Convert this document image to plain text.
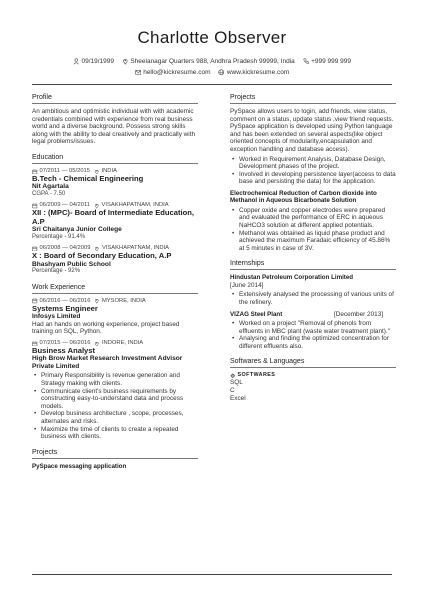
Charlotte Observer
09/19/1999
	Sheelanagar Quarters 988, Andhra Pradesh 99999, India
	+999 999 999
hello@kickresume.com
	www.kickresume.com
Profile
An ambitious and optimistic individual with with academic credentials combined with experience from real business world and a diverse background. Possess strong skills along with the ability to deal creatively and practically with legal problems/issues.
Education
07/2011 — 05/2015 INDIA
B.Tech - Chemical Engineering
Nit Agartala
CGPA - 7.50
06/2009 — 04/2011 VISAKHAPATNAM, INDIA
XII : (MPC)- Board of Intermediate Education, A.P
Sri Chaitanya Junior College
Percentage - 91.4%
06/2008 — 04/2009 VISAKHAPATNAM, INDIA
X : Board of Secondary Education, A.P
Bhashyam Public School
Percentage - 92%
Work Experience
06/2016 — 06/2016 MYSORE, INDIA
Systems Engineer
Infosys Limited
Had an hands on working experience, project based training on SQL, Python.
07/2015 — 06/2016 INDORE, INDIA
Business Analyst
High Brow Market Research Investment Advisor Private Limited
• Primary Responsibility is revenue generation and Strategy making with clients.
• Communicate client's business requirements by constructing easy-to-understand data and process models.
• Develop business architecture , scope, processes, alternates and risks.
• Maximize the time of clients to create a repeated business with clients.
Projects
PySpace messaging application
Projects
PySpace allows users to login, add friends, view status, comment on a status, update status ,view friend requests. PySpace application is developed using Python language and has been extended on several aspects(like object oriented concepts of modularity,encapsulation and exception handling and database access).
• Worked in Requirement Analysis, Database Design, Development phases of the project.
• Involved in developing persistence layer(access to data base and persisting the data) for the application.
Electrochemical Reduction of Carbon dioxide into Methanol in Aqueous Bicarbonate Solution
• Copper oxide and copper electrodes were prepared and evaluated the performance of ERC in aqueous NaHCO3 solution at different applied potentials.
• Methanol was obtained as liquid phase product and achieved the maximum Faradaic efficiency of 45.86% at 5 minutes in case of 3V.
Internships
Hindustan Petroleum Corporation Limited
[June 2014]
• Extensively analysed the processing of various units of the refinery.
VIZAG Steel Plant	[December 2013]
• Worked on a project "Removal of phenols from effluents in MBC plant (waste water treatment plant)."
• Analysing and finding the optimized concentration for different effluents also.
Softwares & Languages
SOFTWARES
SQL
C
Excel
